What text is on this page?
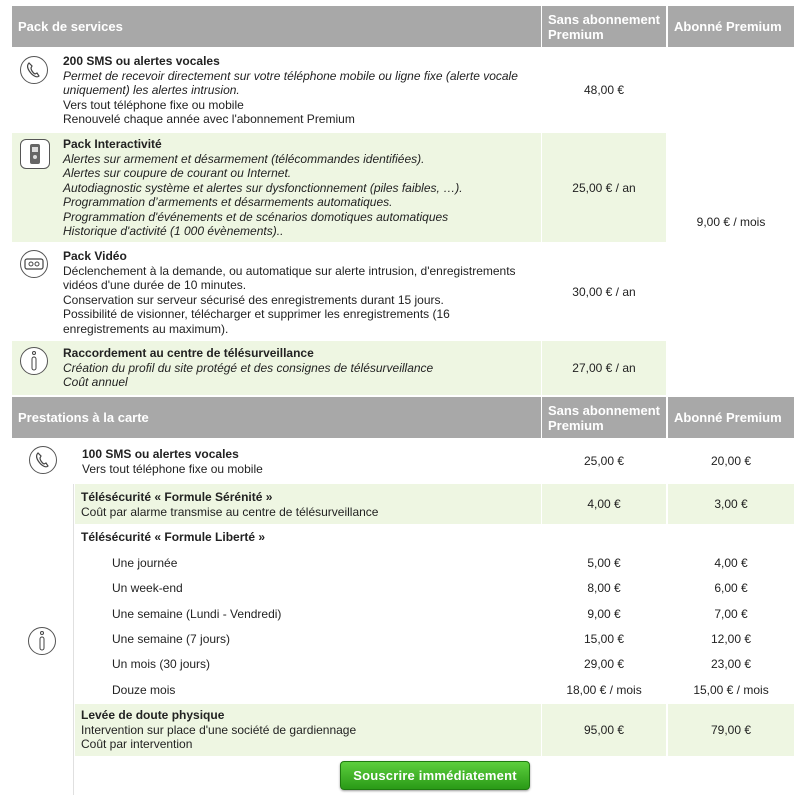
Pack de services	Sans abonnement Premium	Abonné Premium
200 SMS ou alertes vocales
Permet de recevoir directement sur votre téléphone mobile ou ligne fixe (alerte vocale uniquement) les alertes intrusion.
Vers tout téléphone fixe ou mobile
Renouvelé chaque année avec l'abonnement Premium
48,00 €
Pack Interactivité
Alertes sur armement et désarmement (télécommandes identifiées).
Alertes sur coupure de courant ou Internet.
Autodiagnostic système et alertes sur dysfonctionnement (piles faibles, …).
Programmation d’armements et désarmements automatiques.
Programmation d'événements et de scénarios domotiques automatiques
Historique d'activité (1 000 évènements)..
25,00 € / an
Pack Vidéo
Déclenchement à la demande, ou automatique sur alerte intrusion, d'enregistrements vidéos d'une durée de 10 minutes.
Conservation sur serveur sécurisé des enregistrements durant 15 jours.
Possibilité de visionner, télécharger et supprimer les enregistrements (16 enregistrements au maximum).
30,00 € / an
Raccordement au centre de télésurveillance
Création du profil du site protégé et des consignes de télésurveillance
Coût annuel
27,00 € / an
9,00 € / mois
Prestations à la carte	Sans abonnement Premium	Abonné Premium
100 SMS ou alertes vocales
Vers tout téléphone fixe ou mobile
25,00 €	20,00 €
Télésécurité « Formule Sérénité »
Coût par alarme transmise au centre de télésurveillance
4,00 €	3,00 €
Télésécurité « Formule Liberté »
Une journée	5,00 €	4,00 €
Un week-end	8,00 €	6,00 €
Une semaine (Lundi - Vendredi)	9,00 €	7,00 €
Une semaine (7 jours)	15,00 €	12,00 €
Un mois (30 jours)	29,00 €	23,00 €
Douze mois	18,00 € / mois	15,00 € / mois
Levée de doute physique
Intervention sur place d'une société de gardiennage
Coût par intervention
95,00 €	79,00 €
Souscrire immédiatement
